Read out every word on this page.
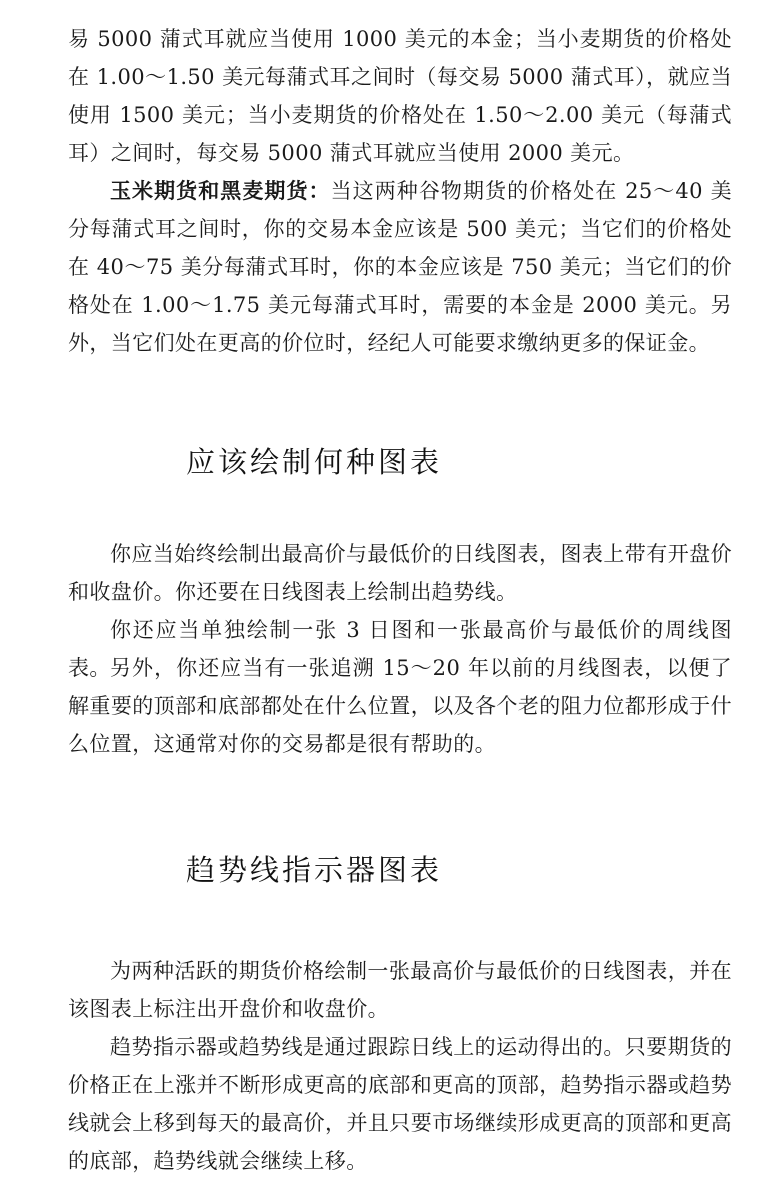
易 5000 蒲式耳就应当使用 1000 美元的本金；当小麦期货的价格处在 1.00～1.50 美元每蒲式耳之间时（每交易 5000 蒲式耳），就应当使用 1500 美元；当小麦期货的价格处在 1.50～2.00 美元（每蒲式耳）之间时，每交易 5000 蒲式耳就应当使用 2000 美元。

玉米期货和黑麦期货：当这两种谷物期货的价格处在 25～40 美分每蒲式耳之间时，你的交易本金应该是 500 美元；当它们的价格处在 40～75 美分每蒲式耳时，你的本金应该是 750 美元；当它们的价格处在 1.00～1.75 美元每蒲式耳时，需要的本金是 2000 美元。另外，当它们处在更高的价位时，经纪人可能要求缴纳更多的保证金。

应该绘制何种图表

你应当始终绘制出最高价与最低价的日线图表，图表上带有开盘价和收盘价。你还要在日线图表上绘制出趋势线。

你还应当单独绘制一张 3 日图和一张最高价与最低价的周线图表。 另外，你还应当有一张追溯 15～20 年以前的月线图表，以便了解重要的顶部和底部都处在什么位置，以及各个老的阻力位都形成于什么位置，这通常对你的交易都是很有帮助的。

趋势线指示器图表

为两种活跃的期货价格绘制一张最高价与最低价的日线图表，并在该图表上标注出开盘价和收盘价。

趋势指示器或趋势线是通过跟踪日线上的运动得出的。只要期货的价格正在上涨并不断形成更高的底部和更高的顶部，趋势指示器或趋势线就会上移到每天的最高价，并且只要市场继续形成更高的顶部和更高的底部，趋势线就会继续上移。
